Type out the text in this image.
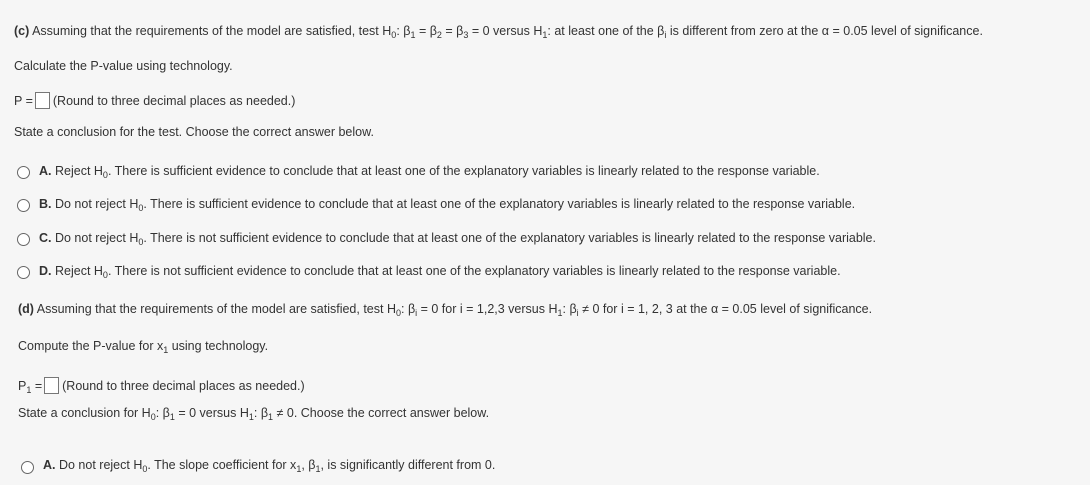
(c) Assuming that the requirements of the model are satisfied, test $H_0$: $\beta_1 = \beta_2 = \beta_3 = 0$ versus $H_1$: at least one of the $\beta_i$ is different from zero at the α = 0.05 level of significance.
Calculate the P-value using technology.
P = (Round to three decimal places as needed.)
State a conclusion for the test. Choose the correct answer below.
A. Reject $H_0$. There is sufficient evidence to conclude that at least one of the explanatory variables is linearly related to the response variable.
B. Do not reject $H_0$. There is sufficient evidence to conclude that at least one of the explanatory variables is linearly related to the response variable.
C. Do not reject $H_0$. There is not sufficient evidence to conclude that at least one of the explanatory variables is linearly related to the response variable.
D. Reject $H_0$. There is not sufficient evidence to conclude that at least one of the explanatory variables is linearly related to the response variable.
(d) Assuming that the requirements of the model are satisfied, test $H_0$: $\beta_i = 0$ for i = 1,2,3 versus $H_1$: $\beta_i \ne 0$ for i = 1, 2, 3 at the α = 0.05 level of significance.
Compute the P-value for $x_1$ using technology.
$P_1$ = (Round to three decimal places as needed.)
State a conclusion for $H_0$: $\beta_1 = 0$ versus $H_1$: $\beta_1 \ne 0$. Choose the correct answer below.
A. Do not reject $H_0$. The slope coefficient for $x_1$, $\beta_1$, is significantly different from 0.
